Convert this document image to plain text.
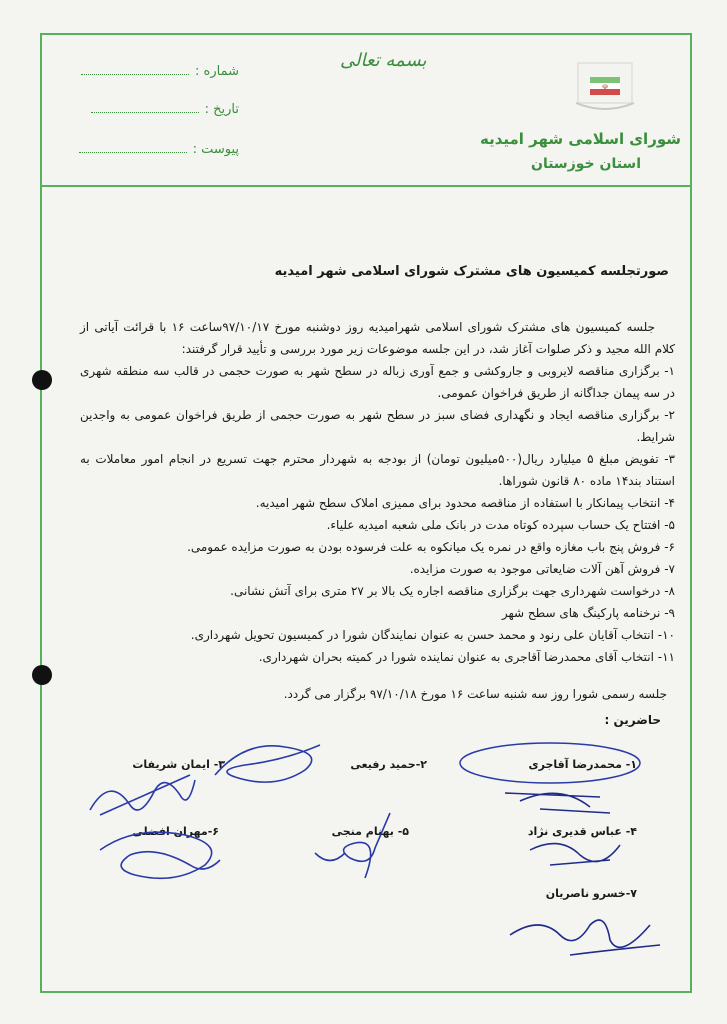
بسمه تعالی
شماره :
تاریخ :
پیوست :
☫
شورای اسلامی شهر امیدیه
استان خوزستان
صورتجلسه کمیسیون های مشترک شورای اسلامی شهر امیدیه

جلسه کمیسیون های مشترک شورای اسلامی شهرامیدیه روز دوشنبه مورخ ۹۷/۱۰/۱۷ساعت ۱۶ با قرائت آیاتی از کلام الله مجید و ذکر صلوات آغاز شد، در این جلسه موضوعات زیر مورد بررسی و تأیید قرار گرفتند:

۱- برگزاری مناقصه لایروبی و جاروکشی و جمع آوری زباله در سطح شهر به صورت حجمی در قالب سه منطقه شهری در سه پیمان جداگانه از طریق فراخوان عمومی.

۲- برگزاری مناقصه ایجاد و نگهداری فضای سبز در سطح شهر به صورت حجمی از طریق فراخوان عمومی به واجدین شرایط.

۳- تفویض مبلغ ۵ میلیارد ریال(۵۰۰میلیون تومان) از بودجه به شهردار محترم جهت تسریع در انجام امور معاملات به استناد بند۱۴ ماده ۸۰ قانون شوراها.

۴- انتخاب پیمانکار با استفاده از مناقصه محدود برای ممیزی املاک سطح شهر امیدیه.

۵- افتتاح یک حساب سپرده کوتاه مدت در بانک ملی شعبه امیدیه علیاء.

۶- فروش پنج باب مغازه واقع در نمره یک میانکوه به علت فرسوده بودن به صورت مزایده عمومی.

۷- فروش آهن آلات ضایعاتی موجود به صورت مزایده.

۸- درخواست شهرداری جهت برگزاری مناقصه اجاره یک بالا بر ۲۷ متری برای آتش نشانی.

۹- نرخنامه پارکینگ های سطح شهر

۱۰- انتخاب آقایان علی رنود و محمد حسن به عنوان نمایندگان شورا در کمیسیون تحویل شهرداری.

۱۱- انتخاب آقای محمدرضا آقاجری به عنوان نماینده شورا در کمیته بحران شهرداری.

جلسه رسمی شورا روز سه شنبه ساعت ۱۶ مورخ ۹۷/۱۰/۱۸ برگزار می گردد.
حاضرین :
۱- محمدرضا آقاجری
۲-حمید رفیعی
۳- ایمان شریفات
۴- عباس قدیری نژاد
۵- بهنام منجی
۶-مهران افضلی
۷-خسرو ناصریان
